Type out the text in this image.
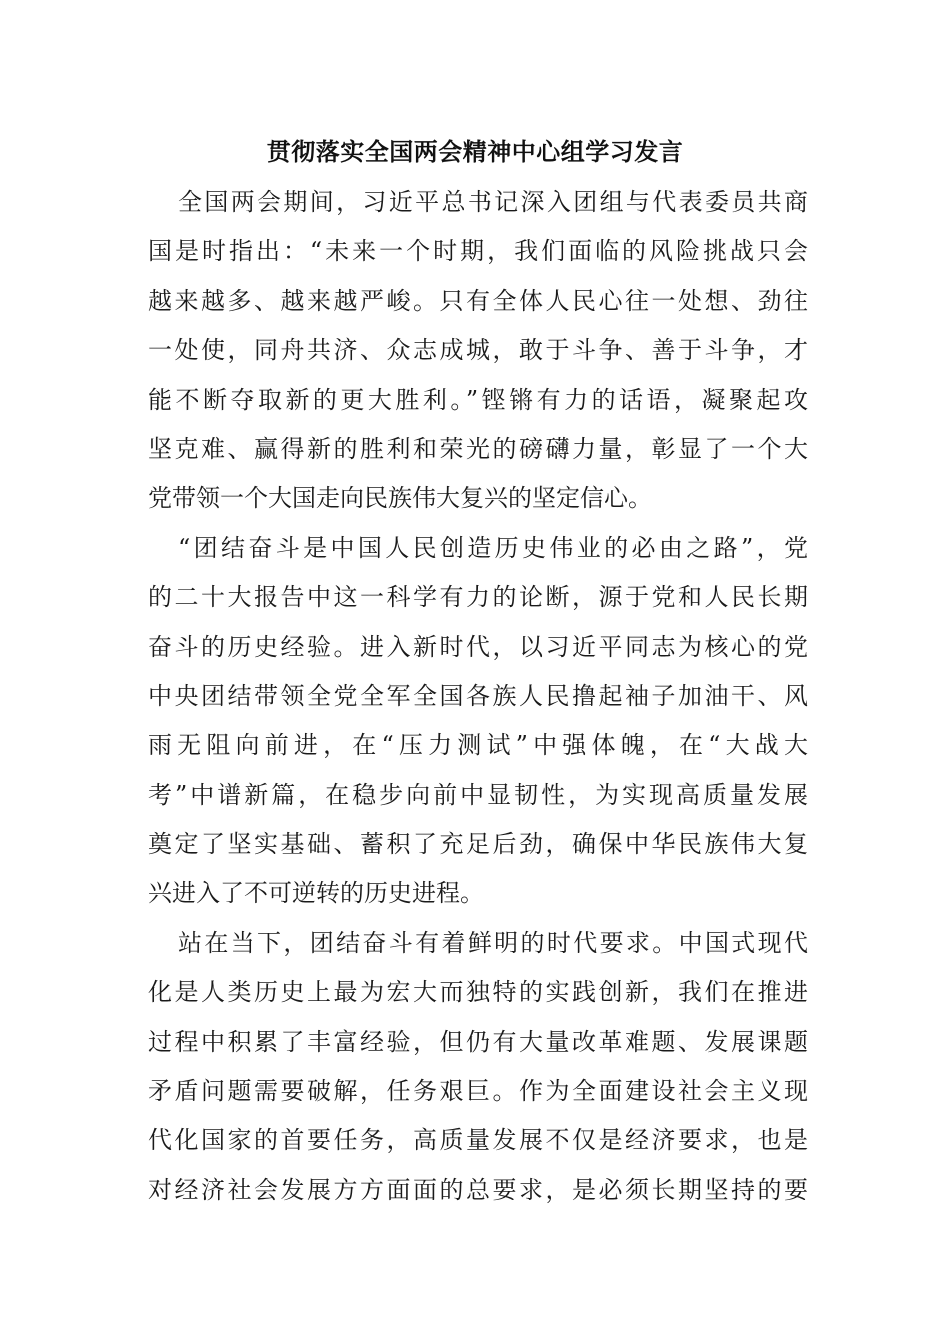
贯彻落实全国两会精神中心组学习发言
全国两会期间，习近平总书记深入团组与代表委员共商
国是时指出：“未来一个时期，我们面临的风险挑战只会
越来越多、越来越严峻。只有全体人民心往一处想、劲往
一处使，同舟共济、众志成城，敢于斗争、善于斗争，才
能不断夺取新的更大胜利。”铿锵有力的话语，凝聚起攻
坚克难、赢得新的胜利和荣光的磅礴力量，彰显了一个大
党带领一个大国走向民族伟大复兴的坚定信心。
“团结奋斗是中国人民创造历史伟业的必由之路”，党
的二十大报告中这一科学有力的论断，源于党和人民长期
奋斗的历史经验。进入新时代，以习近平同志为核心的党
中央团结带领全党全军全国各族人民撸起袖子加油干、风
雨无阻向前进，在“压力测试”中强体魄，在“大战大
考”中谱新篇，在稳步向前中显韧性，为实现高质量发展
奠定了坚实基础、蓄积了充足后劲，确保中华民族伟大复
兴进入了不可逆转的历史进程。
站在当下，团结奋斗有着鲜明的时代要求。中国式现代
化是人类历史上最为宏大而独特的实践创新，我们在推进
过程中积累了丰富经验，但仍有大量改革难题、发展课题
矛盾问题需要破解，任务艰巨。作为全面建设社会主义现
代化国家的首要任务，高质量发展不仅是经济要求，也是
对经济社会发展方方面面的总要求，是必须长期坚持的要
